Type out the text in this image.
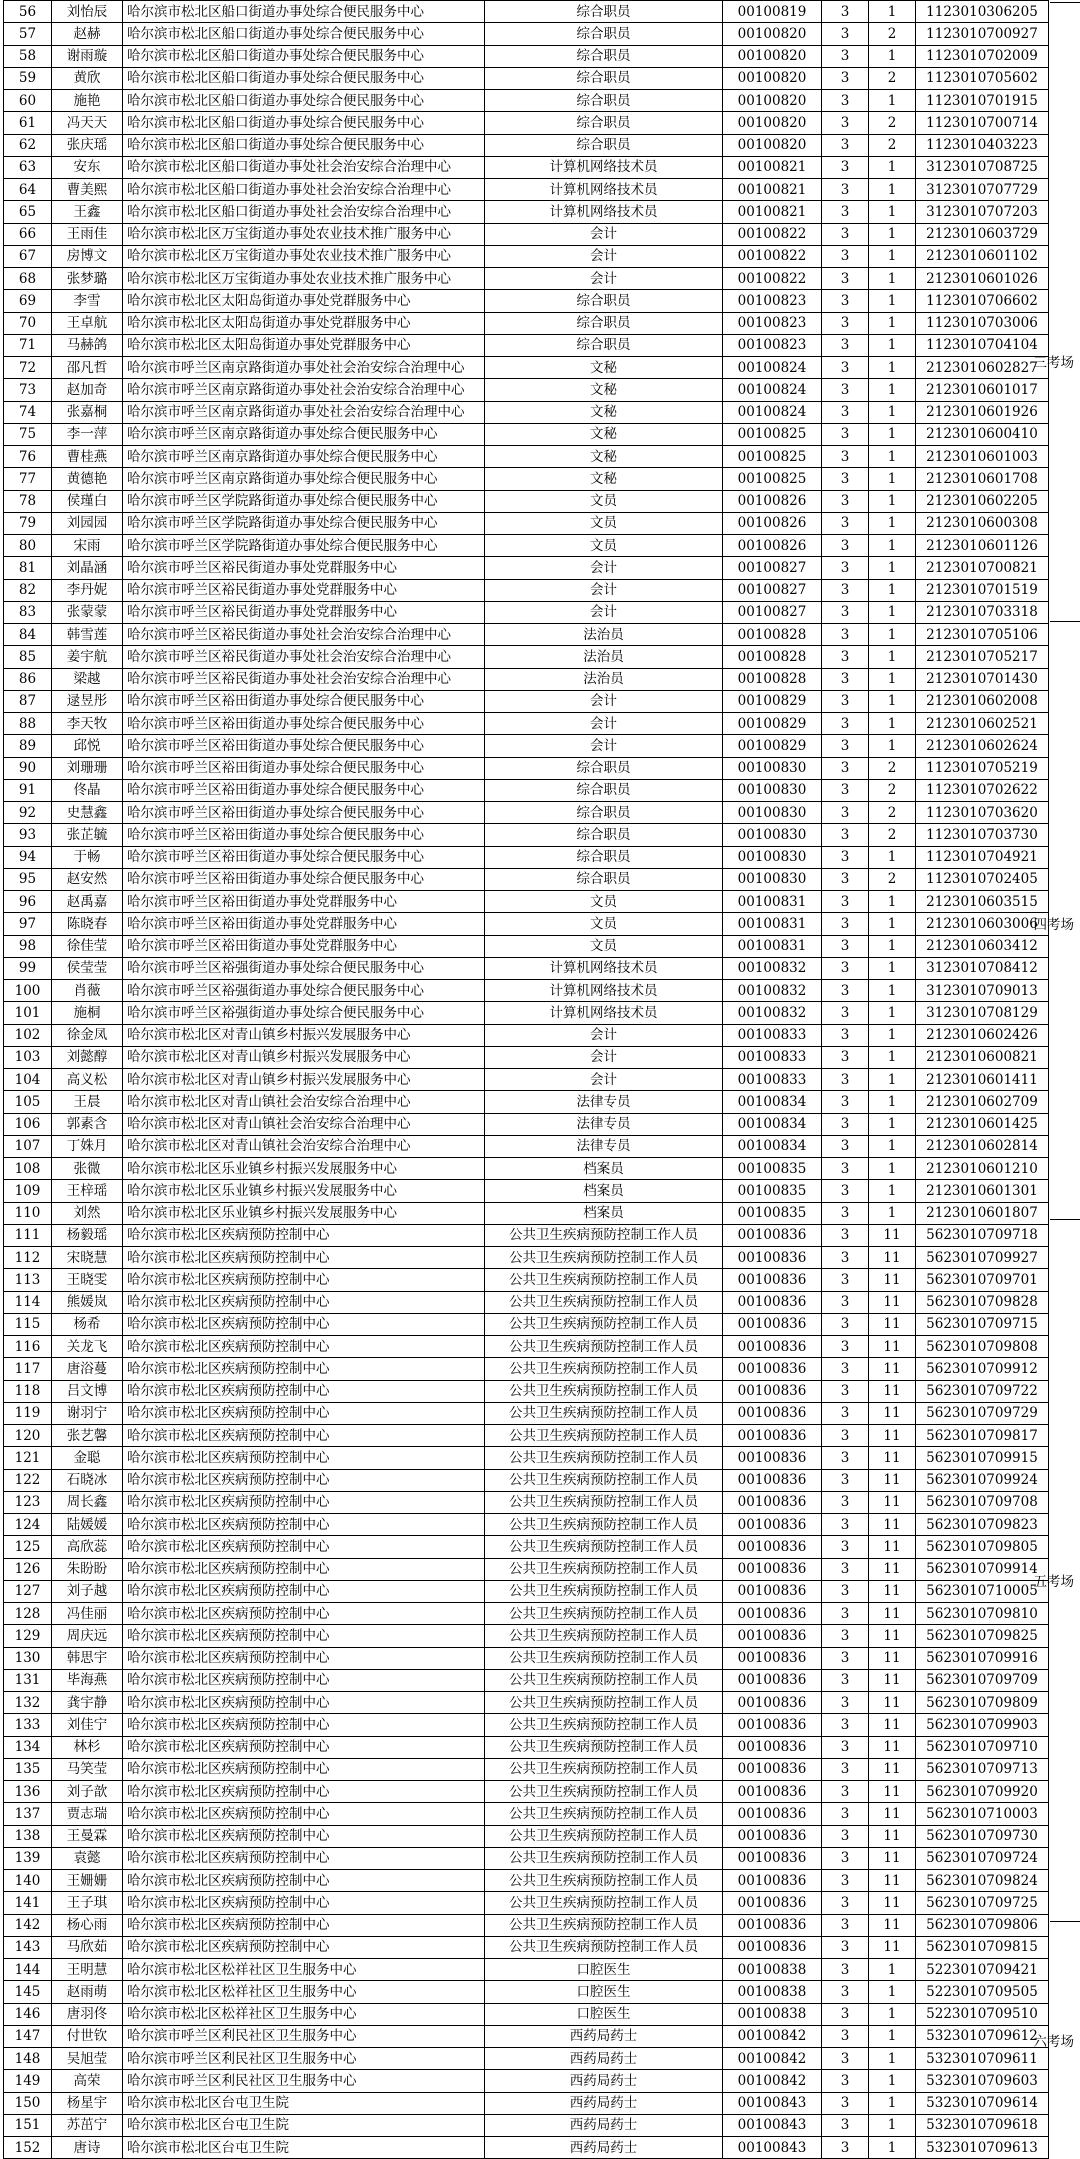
56	刘怡辰	哈尔滨市松北区船口街道办事处综合便民服务中心	综合职员	00100819	3	1	1123010306205	
57	赵赫	哈尔滨市松北区船口街道办事处综合便民服务中心	综合职员	00100820	3	2	1123010700927	
58	谢雨璇	哈尔滨市松北区船口街道办事处综合便民服务中心	综合职员	00100820	3	1	1123010702009	
59	黄欣	哈尔滨市松北区船口街道办事处综合便民服务中心	综合职员	00100820	3	2	1123010705602	
60	施艳	哈尔滨市松北区船口街道办事处综合便民服务中心	综合职员	00100820	3	1	1123010701915	
61	冯天天	哈尔滨市松北区船口街道办事处综合便民服务中心	综合职员	00100820	3	2	1123010700714	
62	张庆瑶	哈尔滨市松北区船口街道办事处综合便民服务中心	综合职员	00100820	3	2	1123010403223	
63	安东	哈尔滨市松北区船口街道办事处社会治安综合治理中心	计算机网络技术员	00100821	3	1	3123010708725	
64	曹美熙	哈尔滨市松北区船口街道办事处社会治安综合治理中心	计算机网络技术员	00100821	3	1	3123010707729	
65	王鑫	哈尔滨市松北区船口街道办事处社会治安综合治理中心	计算机网络技术员	00100821	3	1	3123010707203	
66	王雨佳	哈尔滨市松北区万宝街道办事处农业技术推广服务中心	会计	00100822	3	1	2123010603729	
67	房博文	哈尔滨市松北区万宝街道办事处农业技术推广服务中心	会计	00100822	3	1	2123010601102	
68	张梦璐	哈尔滨市松北区万宝街道办事处农业技术推广服务中心	会计	00100822	3	1	2123010601026	
69	李雪	哈尔滨市松北区太阳岛街道办事处党群服务中心	综合职员	00100823	3	1	1123010706602	
70	王卓航	哈尔滨市松北区太阳岛街道办事处党群服务中心	综合职员	00100823	3	1	1123010703006	
71	马赫鸽	哈尔滨市松北区太阳岛街道办事处党群服务中心	综合职员	00100823	3	1	1123010704104	
72	邵凡哲	哈尔滨市呼兰区南京路街道办事处社会治安综合治理中心	文秘	00100824	3	1	2123010602827	
73	赵加奇	哈尔滨市呼兰区南京路街道办事处社会治安综合治理中心	文秘	00100824	3	1	2123010601017	
74	张嘉桐	哈尔滨市呼兰区南京路街道办事处社会治安综合治理中心	文秘	00100824	3	1	2123010601926	
75	李一萍	哈尔滨市呼兰区南京路街道办事处综合便民服务中心	文秘	00100825	3	1	2123010600410	
76	曹桂燕	哈尔滨市呼兰区南京路街道办事处综合便民服务中心	文秘	00100825	3	1	2123010601003	
77	黄德艳	哈尔滨市呼兰区南京路街道办事处综合便民服务中心	文秘	00100825	3	1	2123010601708	
78	侯瑾白	哈尔滨市呼兰区学院路街道办事处综合便民服务中心	文员	00100826	3	1	2123010602205	
79	刘园园	哈尔滨市呼兰区学院路街道办事处综合便民服务中心	文员	00100826	3	1	2123010600308	
80	宋雨	哈尔滨市呼兰区学院路街道办事处综合便民服务中心	文员	00100826	3	1	2123010601126	
81	刘晶涵	哈尔滨市呼兰区裕民街道办事处党群服务中心	会计	00100827	3	1	2123010700821	
82	李丹妮	哈尔滨市呼兰区裕民街道办事处党群服务中心	会计	00100827	3	1	2123010701519	
83	张蒙蒙	哈尔滨市呼兰区裕民街道办事处党群服务中心	会计	00100827	3	1	2123010703318	
84	韩雪莲	哈尔滨市呼兰区裕民街道办事处社会治安综合治理中心	法治员	00100828	3	1	2123010705106	
85	姜宇航	哈尔滨市呼兰区裕民街道办事处社会治安综合治理中心	法治员	00100828	3	1	2123010705217	
86	梁越	哈尔滨市呼兰区裕民街道办事处社会治安综合治理中心	法治员	00100828	3	1	2123010701430	
87	逯昱彤	哈尔滨市呼兰区裕田街道办事处综合便民服务中心	会计	00100829	3	1	2123010602008	
88	李天牧	哈尔滨市呼兰区裕田街道办事处综合便民服务中心	会计	00100829	3	1	2123010602521	
89	邱悦	哈尔滨市呼兰区裕田街道办事处综合便民服务中心	会计	00100829	3	1	2123010602624	
90	刘珊珊	哈尔滨市呼兰区裕田街道办事处综合便民服务中心	综合职员	00100830	3	2	1123010705219	
91	佟晶	哈尔滨市呼兰区裕田街道办事处综合便民服务中心	综合职员	00100830	3	2	1123010702622	
92	史慧鑫	哈尔滨市呼兰区裕田街道办事处综合便民服务中心	综合职员	00100830	3	2	1123010703620	
93	张芷毓	哈尔滨市呼兰区裕田街道办事处综合便民服务中心	综合职员	00100830	3	2	1123010703730	
94	于畅	哈尔滨市呼兰区裕田街道办事处综合便民服务中心	综合职员	00100830	3	1	1123010704921	
95	赵安然	哈尔滨市呼兰区裕田街道办事处综合便民服务中心	综合职员	00100830	3	2	1123010702405	
96	赵禹嘉	哈尔滨市呼兰区裕田街道办事处党群服务中心	文员	00100831	3	1	2123010603515	
97	陈晓春	哈尔滨市呼兰区裕田街道办事处党群服务中心	文员	00100831	3	1	2123010603006	
98	徐佳莹	哈尔滨市呼兰区裕田街道办事处党群服务中心	文员	00100831	3	1	2123010603412	
99	侯莹莹	哈尔滨市呼兰区裕强街道办事处综合便民服务中心	计算机网络技术员	00100832	3	1	3123010708412	
100	肖薇	哈尔滨市呼兰区裕强街道办事处综合便民服务中心	计算机网络技术员	00100832	3	1	3123010709013	
101	施桐	哈尔滨市呼兰区裕强街道办事处综合便民服务中心	计算机网络技术员	00100832	3	1	3123010708129	
102	徐金凤	哈尔滨市松北区对青山镇乡村振兴发展服务中心	会计	00100833	3	1	2123010602426	
103	刘懿醇	哈尔滨市松北区对青山镇乡村振兴发展服务中心	会计	00100833	3	1	2123010600821	
104	高义松	哈尔滨市松北区对青山镇乡村振兴发展服务中心	会计	00100833	3	1	2123010601411	
105	王晨	哈尔滨市松北区对青山镇社会治安综合治理中心	法律专员	00100834	3	1	2123010602709	
106	郭素含	哈尔滨市松北区对青山镇社会治安综合治理中心	法律专员	00100834	3	1	2123010601425	
107	丁姝月	哈尔滨市松北区对青山镇社会治安综合治理中心	法律专员	00100834	3	1	2123010602814	
108	张微	哈尔滨市松北区乐业镇乡村振兴发展服务中心	档案员	00100835	3	1	2123010601210	
109	王梓瑶	哈尔滨市松北区乐业镇乡村振兴发展服务中心	档案员	00100835	3	1	2123010601301	
110	刘然	哈尔滨市松北区乐业镇乡村振兴发展服务中心	档案员	00100835	3	1	2123010601807	
111	杨毅瑶	哈尔滨市松北区疾病预防控制中心	公共卫生疾病预防控制工作人员	00100836	3	11	5623010709718	
112	宋晓慧	哈尔滨市松北区疾病预防控制中心	公共卫生疾病预防控制工作人员	00100836	3	11	5623010709927	
113	王晓雯	哈尔滨市松北区疾病预防控制中心	公共卫生疾病预防控制工作人员	00100836	3	11	5623010709701	
114	熊媛岚	哈尔滨市松北区疾病预防控制中心	公共卫生疾病预防控制工作人员	00100836	3	11	5623010709828	
115	杨希	哈尔滨市松北区疾病预防控制中心	公共卫生疾病预防控制工作人员	00100836	3	11	5623010709715	
116	关龙飞	哈尔滨市松北区疾病预防控制中心	公共卫生疾病预防控制工作人员	00100836	3	11	5623010709808	
117	唐浴蔓	哈尔滨市松北区疾病预防控制中心	公共卫生疾病预防控制工作人员	00100836	3	11	5623010709912	
118	吕文博	哈尔滨市松北区疾病预防控制中心	公共卫生疾病预防控制工作人员	00100836	3	11	5623010709722	
119	谢羽宁	哈尔滨市松北区疾病预防控制中心	公共卫生疾病预防控制工作人员	00100836	3	11	5623010709729	
120	张艺馨	哈尔滨市松北区疾病预防控制中心	公共卫生疾病预防控制工作人员	00100836	3	11	5623010709817	
121	金聪	哈尔滨市松北区疾病预防控制中心	公共卫生疾病预防控制工作人员	00100836	3	11	5623010709915	
122	石晓冰	哈尔滨市松北区疾病预防控制中心	公共卫生疾病预防控制工作人员	00100836	3	11	5623010709924	
123	周长鑫	哈尔滨市松北区疾病预防控制中心	公共卫生疾病预防控制工作人员	00100836	3	11	5623010709708	
124	陆媛媛	哈尔滨市松北区疾病预防控制中心	公共卫生疾病预防控制工作人员	00100836	3	11	5623010709823	
125	高欣蕊	哈尔滨市松北区疾病预防控制中心	公共卫生疾病预防控制工作人员	00100836	3	11	5623010709805	
126	朱盼盼	哈尔滨市松北区疾病预防控制中心	公共卫生疾病预防控制工作人员	00100836	3	11	5623010709914	
127	刘子越	哈尔滨市松北区疾病预防控制中心	公共卫生疾病预防控制工作人员	00100836	3	11	5623010710005	
128	冯佳丽	哈尔滨市松北区疾病预防控制中心	公共卫生疾病预防控制工作人员	00100836	3	11	5623010709810	
129	周庆远	哈尔滨市松北区疾病预防控制中心	公共卫生疾病预防控制工作人员	00100836	3	11	5623010709825	
130	韩思宇	哈尔滨市松北区疾病预防控制中心	公共卫生疾病预防控制工作人员	00100836	3	11	5623010709916	
131	毕海燕	哈尔滨市松北区疾病预防控制中心	公共卫生疾病预防控制工作人员	00100836	3	11	5623010709709	
132	龚宇静	哈尔滨市松北区疾病预防控制中心	公共卫生疾病预防控制工作人员	00100836	3	11	5623010709809	
133	刘佳宁	哈尔滨市松北区疾病预防控制中心	公共卫生疾病预防控制工作人员	00100836	3	11	5623010709903	
134	林杉	哈尔滨市松北区疾病预防控制中心	公共卫生疾病预防控制工作人员	00100836	3	11	5623010709710	
135	马笑莹	哈尔滨市松北区疾病预防控制中心	公共卫生疾病预防控制工作人员	00100836	3	11	5623010709713	
136	刘子歆	哈尔滨市松北区疾病预防控制中心	公共卫生疾病预防控制工作人员	00100836	3	11	5623010709920	
137	贾志瑞	哈尔滨市松北区疾病预防控制中心	公共卫生疾病预防控制工作人员	00100836	3	11	5623010710003	
138	王曼霖	哈尔滨市松北区疾病预防控制中心	公共卫生疾病预防控制工作人员	00100836	3	11	5623010709730	
139	袁懿	哈尔滨市松北区疾病预防控制中心	公共卫生疾病预防控制工作人员	00100836	3	11	5623010709724	
140	王姗姗	哈尔滨市松北区疾病预防控制中心	公共卫生疾病预防控制工作人员	00100836	3	11	5623010709824	
141	王子琪	哈尔滨市松北区疾病预防控制中心	公共卫生疾病预防控制工作人员	00100836	3	11	5623010709725	
142	杨心雨	哈尔滨市松北区疾病预防控制中心	公共卫生疾病预防控制工作人员	00100836	3	11	5623010709806	
143	马欣茹	哈尔滨市松北区疾病预防控制中心	公共卫生疾病预防控制工作人员	00100836	3	11	5623010709815	
144	王明慧	哈尔滨市松北区松祥社区卫生服务中心	口腔医生	00100838	3	1	5223010709421	
145	赵雨萌	哈尔滨市松北区松祥社区卫生服务中心	口腔医生	00100838	3	1	5223010709505	
146	唐羽佟	哈尔滨市松北区松祥社区卫生服务中心	口腔医生	00100838	3	1	5223010709510	
147	付世钦	哈尔滨市呼兰区利民社区卫生服务中心	西药局药士	00100842	3	1	5323010709612	
148	吴旭莹	哈尔滨市呼兰区利民社区卫生服务中心	西药局药士	00100842	3	1	5323010709611	
149	高荣	哈尔滨市呼兰区利民社区卫生服务中心	西药局药士	00100842	3	1	5323010709603	
150	杨星宇	哈尔滨市松北区台屯卫生院	西药局药士	00100843	3	1	5323010709614	
151	苏茁宁	哈尔滨市松北区台屯卫生院	西药局药士	00100843	3	1	5323010709618	
152	唐诗	哈尔滨市松北区台屯卫生院	西药局药士	00100843	3	1	5323010709613	
三考场
四考场
五考场
六考场
